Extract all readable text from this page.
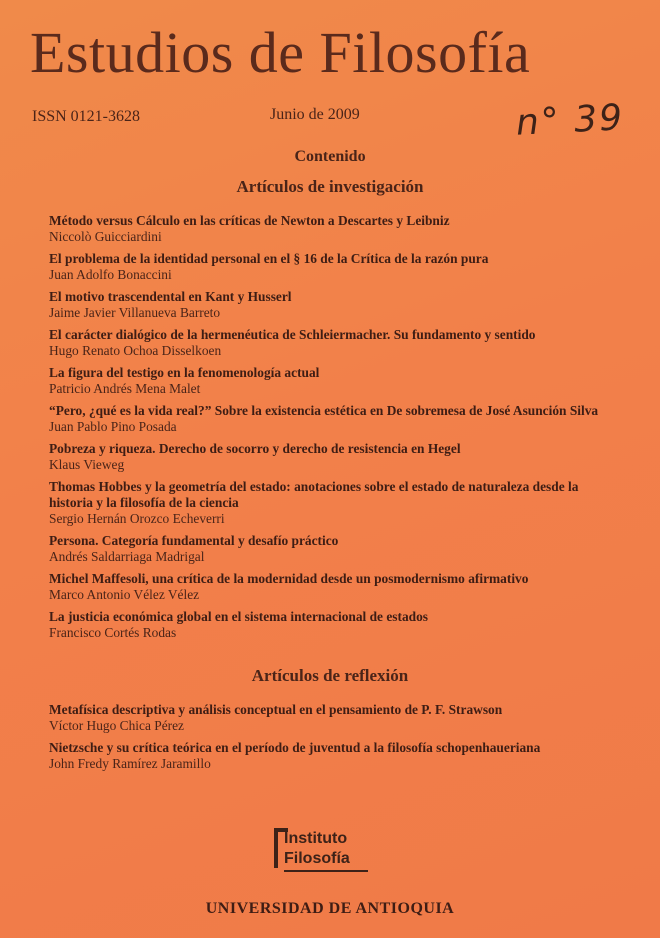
Estudios de Filosofía
ISSN 0121-3628	Junio de 2009	n° 39
Contenido
Artículos de investigación
Método versus Cálculo en las críticas de Newton a Descartes y Leibniz
Niccolò Guicciardini
El problema de la identidad personal en el § 16 de la Crítica de la razón pura
Juan Adolfo Bonaccini
El motivo trascendental en Kant y Husserl
Jaime Javier Villanueva Barreto
El carácter dialógico de la hermenéutica de Schleiermacher. Su fundamento y sentido
Hugo Renato Ochoa Disselkoen
La figura del testigo en la fenomenología actual
Patricio Andrés Mena Malet
“Pero, ¿qué es la vida real?” Sobre la existencia estética en De sobremesa de José Asunción Silva
Juan Pablo Pino Posada
Pobreza y riqueza. Derecho de socorro y derecho de resistencia en Hegel
Klaus Vieweg
Thomas Hobbes y la geometría del estado: anotaciones sobre el estado de naturaleza desde la historia y la filosofía de la ciencia
Sergio Hernán Orozco Echeverri
Persona. Categoría fundamental y desafío práctico
Andrés Saldarriaga Madrigal
Michel Maffesoli, una crítica de la modernidad desde un posmodernismo afirmativo
Marco Antonio Vélez Vélez
La justicia económica global en el sistema internacional de estados
Francisco Cortés Rodas
Artículos de reflexión
Metafísica descriptiva y análisis conceptual en el pensamiento de P. F. Strawson
Víctor Hugo Chica Pérez
Nietzsche y su crítica teórica en el período de juventud a la filosofía schopenhaueriana
John Fredy Ramírez Jaramillo
Instituto
Filosofía
UNIVERSIDAD DE ANTIOQUIA
